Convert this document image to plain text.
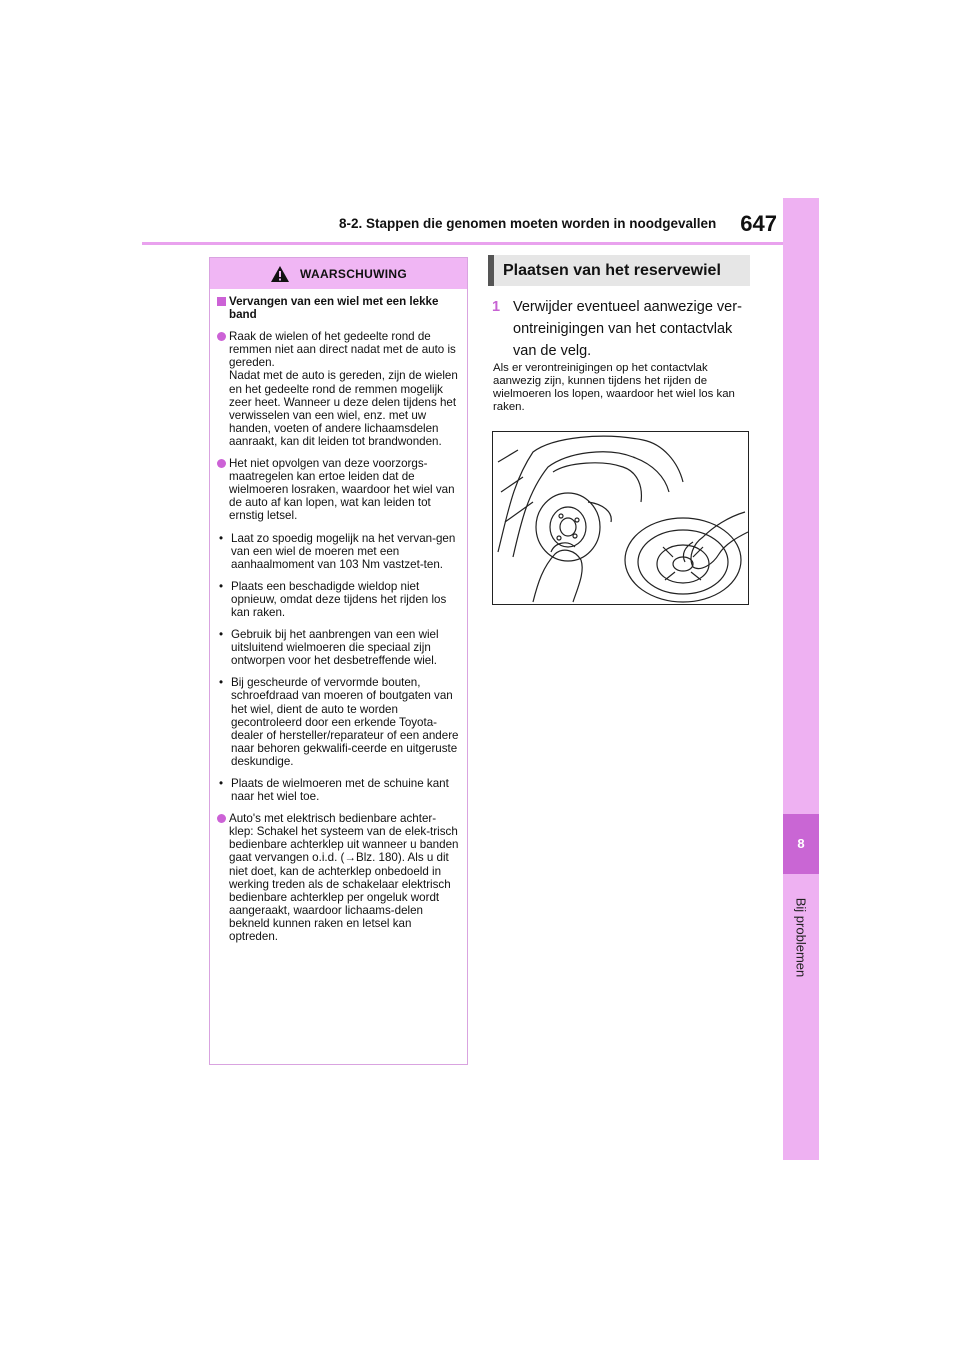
8-2. Stappen die genomen moeten worden in noodgevallen	647
8
Bij problemen
WAARSCHUWING
Vervangen van een wiel met een lekke band
Raak de wielen of het gedeelte rond de remmen niet aan direct nadat met de auto is gereden.
Nadat met de auto is gereden, zijn de wielen en het gedeelte rond de remmen mogelijk zeer heet. Wanneer u deze delen tijdens het verwisselen van een wiel, enz. met uw handen, voeten of andere lichaamsdelen aanraakt, kan dit leiden tot brandwonden.
Het niet opvolgen van deze voorzorgs-maatregelen kan ertoe leiden dat de wielmoeren losraken, waardoor het wiel van de auto af kan lopen, wat kan leiden tot ernstig letsel.
• Laat zo spoedig mogelijk na het vervan-gen van een wiel de moeren met een aanhaalmoment van 103 Nm vastzet-ten.
• Plaats een beschadigde wieldop niet opnieuw, omdat deze tijdens het rijden los kan raken.
• Gebruik bij het aanbrengen van een wiel uitsluitend wielmoeren die speciaal zijn ontworpen voor het desbetreffende wiel.
• Bij gescheurde of vervormde bouten, schroefdraad van moeren of boutgaten van het wiel, dient de auto te worden gecontroleerd door een erkende Toyota-dealer of hersteller/reparateur of een andere naar behoren gekwalifi-ceerde en uitgeruste deskundige.
• Plaats de wielmoeren met de schuine kant naar het wiel toe.
Auto's met elektrisch bedienbare achter-klep: Schakel het systeem van de elek-trisch bedienbare achterklep uit wanneer u banden gaat vervangen o.i.d. (→Blz. 180). Als u dit niet doet, kan de achterklep onbedoeld in werking treden als de schakelaar elektrisch bedienbare achterklep per ongeluk wordt aangeraakt, waardoor lichaams-delen bekneld kunnen raken en letsel kan optreden.
Plaatsen van het reservewiel
1 Verwijder eventueel aanwezige ver-ontreinigingen van het contactvlak van de velg.
Als er verontreinigingen op het contactvlak aanwezig zijn, kunnen tijdens het rijden de wielmoeren los lopen, waardoor het wiel los kan raken.
